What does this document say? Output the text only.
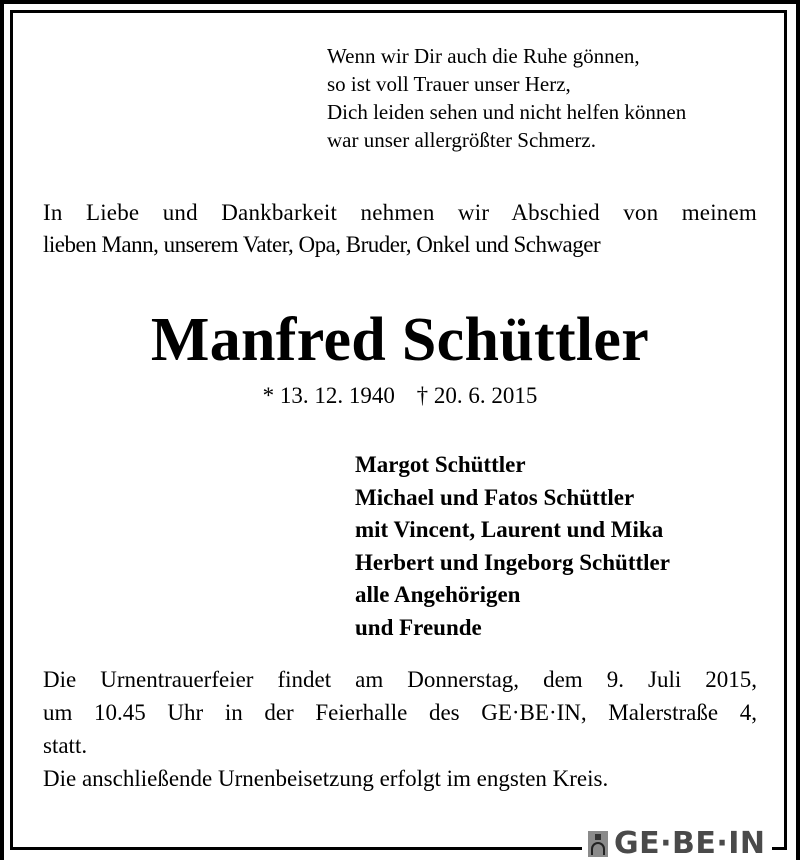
Wenn wir Dir auch die Ruhe gönnen,
so ist voll Trauer unser Herz,
Dich leiden sehen und nicht helfen können
war unser allergrößter Schmerz.
In Liebe und Dankbarkeit nehmen wir Abschied von meinem
lieben Mann, unserem Vater, Opa, Bruder, Onkel und Schwager
Manfred Schüttler
* 13. 12. 1940 † 20. 6. 2015
Margot Schüttler
Michael und Fatos Schüttler
mit Vincent, Laurent und Mika
Herbert und Ingeborg Schüttler
alle Angehörigen
und Freunde
Die Urnentrauerfeier findet am Donnerstag, dem 9. Juli 2015,
um 10.45 Uhr in der Feierhalle des GE·BE·IN, Malerstraße 4,
statt.
Die anschließende Urnenbeisetzung erfolgt im engsten Kreis.
GE·BE·IN
